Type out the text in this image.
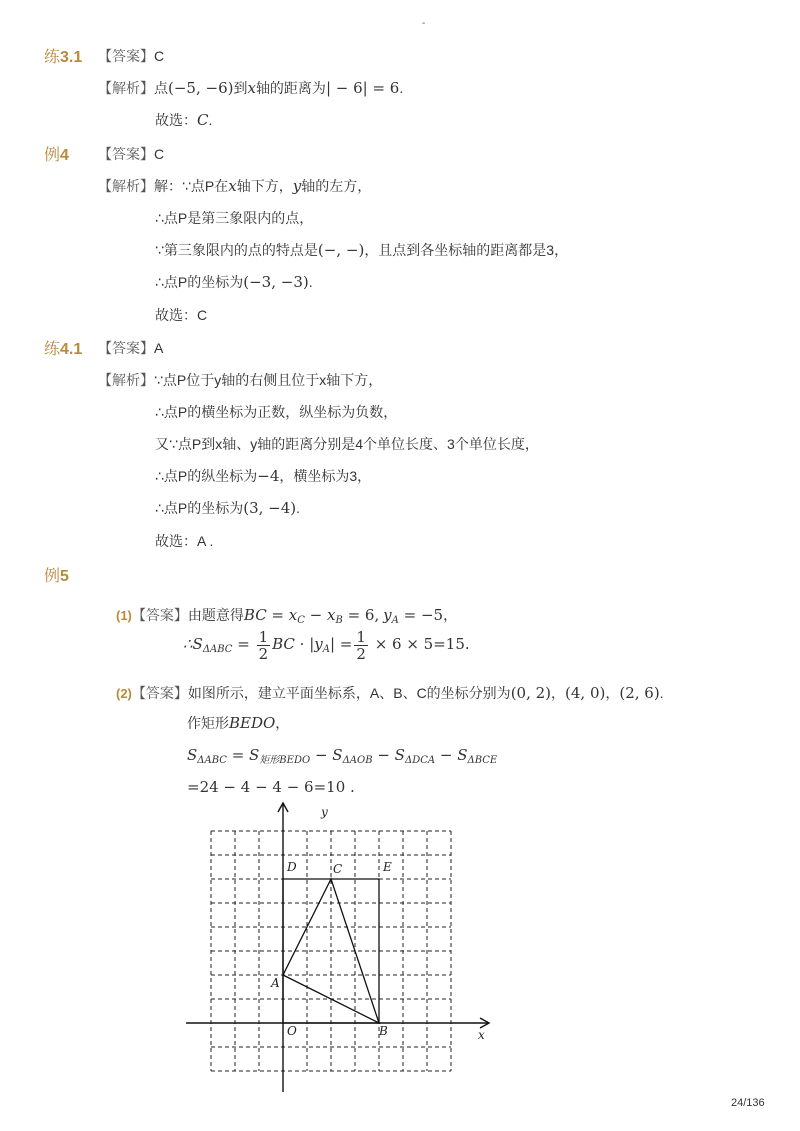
-
练3.1 【答案】C
【解析】点(−5, −6)到x轴的距离为| − 6| = 6.
故选：C.
例4 【答案】C
【解析】解：∵点P在x轴下方，y轴的左方，
∴点P是第三象限内的点，
∵第三象限内的点的特点是(−, −)，且点到各坐标轴的距离都是3，
∴点P的坐标为(−3, −3).
故选：C
练4.1 【答案】A
【解析】∵点P位于y轴的右侧且位于x轴下方，
∴点P的横坐标为正数，纵坐标为负数，
又∵点P到x轴、y轴的距离分别是4个单位长度、3个单位长度，
∴点P的纵坐标为−4，横坐标为3，
∴点P的坐标为(3, −4).
故选：A .
例5
(1)【答案】由题意得BC = $x_C - x_B = 6$, $y_A = -5$，
$\therefore S_{\Delta ABC} = \frac{1}{2}$ BC · $|y_A| = \frac{1}{2} \times 6 \times 5=15$.
(2)【答案】如图所示，建立平面坐标系，A、B、C的坐标分别为(0, 2)，(4, 0)，(2, 6).
作矩形BEDO，
$S_{\Delta ABC} = S_{矩形BEDO} - S_{\Delta AOB} - S_{\Delta DCA} - S_{\Delta BCE}$
=24 − 4 − 4 − 6=10 .
O
A
B
C
D	E
x
y
24/136
